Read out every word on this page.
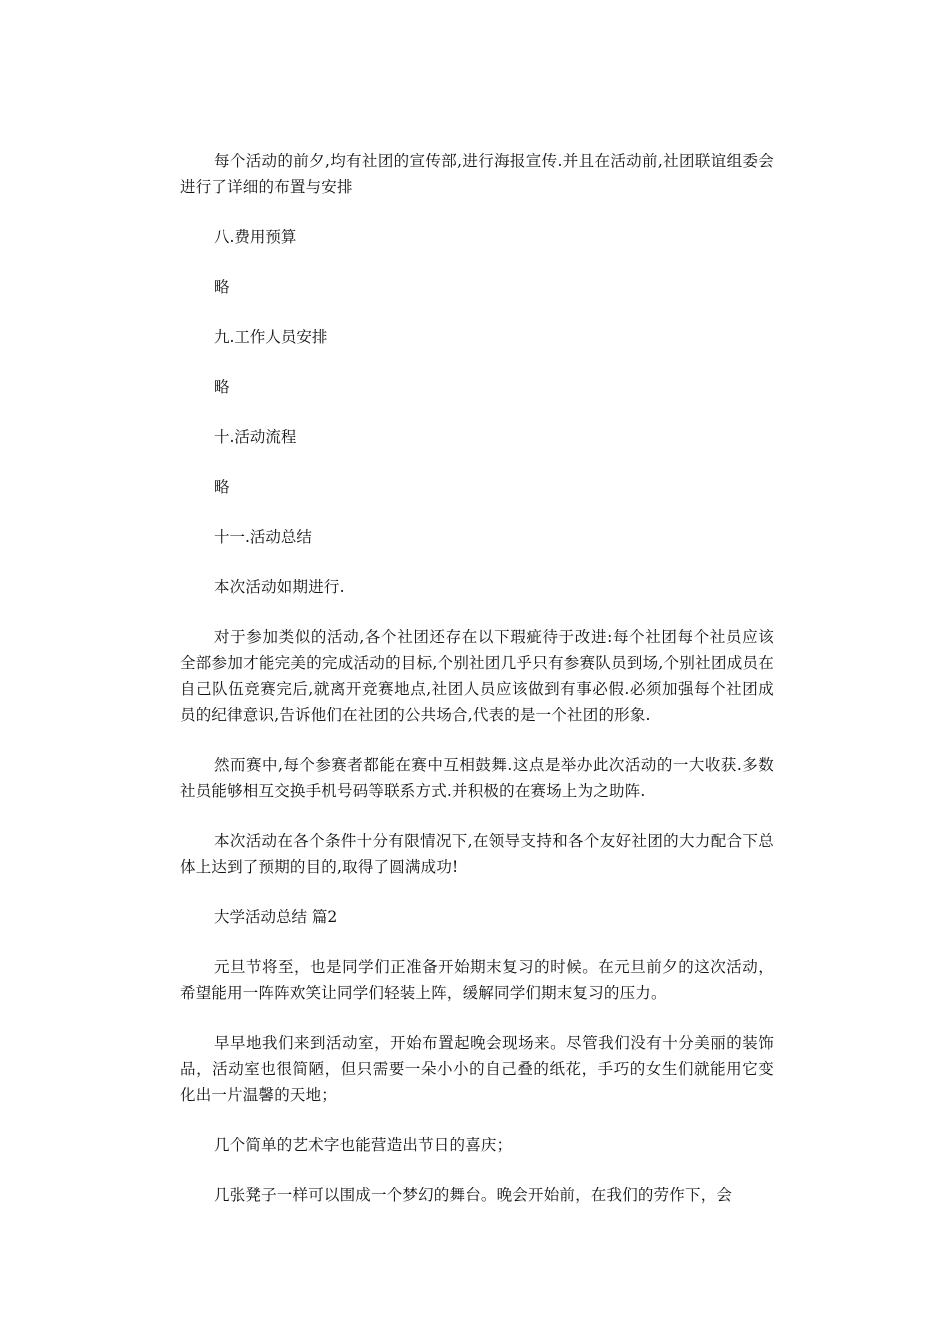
每个活动的前夕,均有社团的宣传部,进行海报宣传.并且在活动前,社团联谊组委会进行了详细的布置与安排

八.费用预算

略

九.工作人员安排

略

十.活动流程

略

十一.活动总结

本次活动如期进行.

对于参加类似的活动,各个社团还存在以下瑕疵待于改进:每个社团每个社员应该全部参加才能完美的完成活动的目标,个别社团几乎只有参赛队员到场,个别社团成员在自己队伍竞赛完后,就离开竞赛地点,社团人员应该做到有事必假.必须加强每个社团成员的纪律意识,告诉他们在社团的公共场合,代表的是一个社团的形象.

然而赛中,每个参赛者都能在赛中互相鼓舞.这点是举办此次活动的一大收获.多数社员能够相互交换手机号码等联系方式.并积极的在赛场上为之助阵.

本次活动在各个条件十分有限情况下,在领导支持和各个友好社团的大力配合下总体上达到了预期的目的,取得了圆满成功!

大学活动总结 篇2

元旦节将至，也是同学们正准备开始期末复习的时候。在元旦前夕的这次活动，希望能用一阵阵欢笑让同学们轻装上阵，缓解同学们期末复习的压力。

早早地我们来到活动室，开始布置起晚会现场来。尽管我们没有十分美丽的装饰品，活动室也很简陋，但只需要一朵小小的自己叠的纸花，手巧的女生们就能用它变化出一片温馨的天地；

几个简单的艺术字也能营造出节日的喜庆；

几张凳子一样可以围成一个梦幻的舞台。晚会开始前，在我们的劳作下，会
